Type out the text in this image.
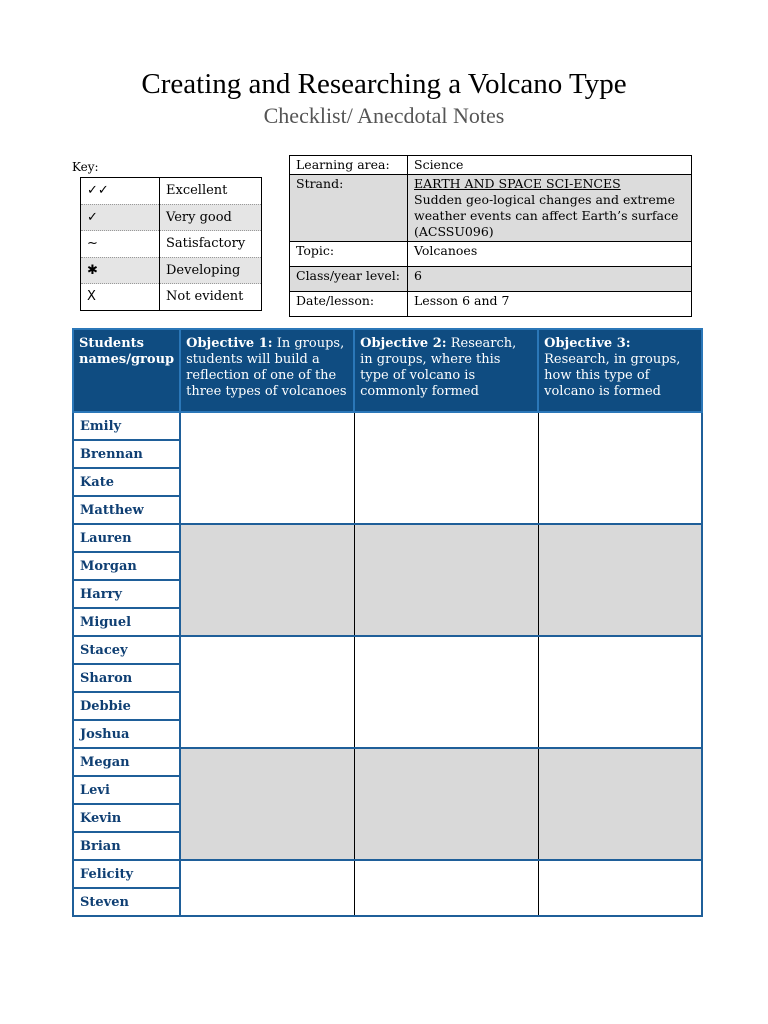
Creating and Researching a Volcano Type
Checklist/ Anecdotal Notes
Key:
✓✓	Excellent
✓	Very good
~	Satisfactory
✱	Developing
X	Not evident
Learning area:	Science
Strand:	EARTH AND SPACE SCI-ENCES
Sudden geo-logical changes and extreme weather events can affect Earth’s surface (ACSSU096)

Topic:	Volcanoes
Class/year level:	6
Date/lesson:	Lesson 6 and 7
Students names/group	Objective 1: In groups, students will build a reflection of one of the three types of volcanoes	Objective 2: Research, in groups, where this type of volcano is commonly formed	Objective 3: Research, in groups, how this type of volcano is formed
Emily			
Brennan			
Kate			
Matthew			
Lauren			
Morgan			
Harry			
Miguel			
Stacey			
Sharon			
Debbie			
Joshua			
Megan			
Levi			
Kevin			
Brian			
Felicity			
Steven			
